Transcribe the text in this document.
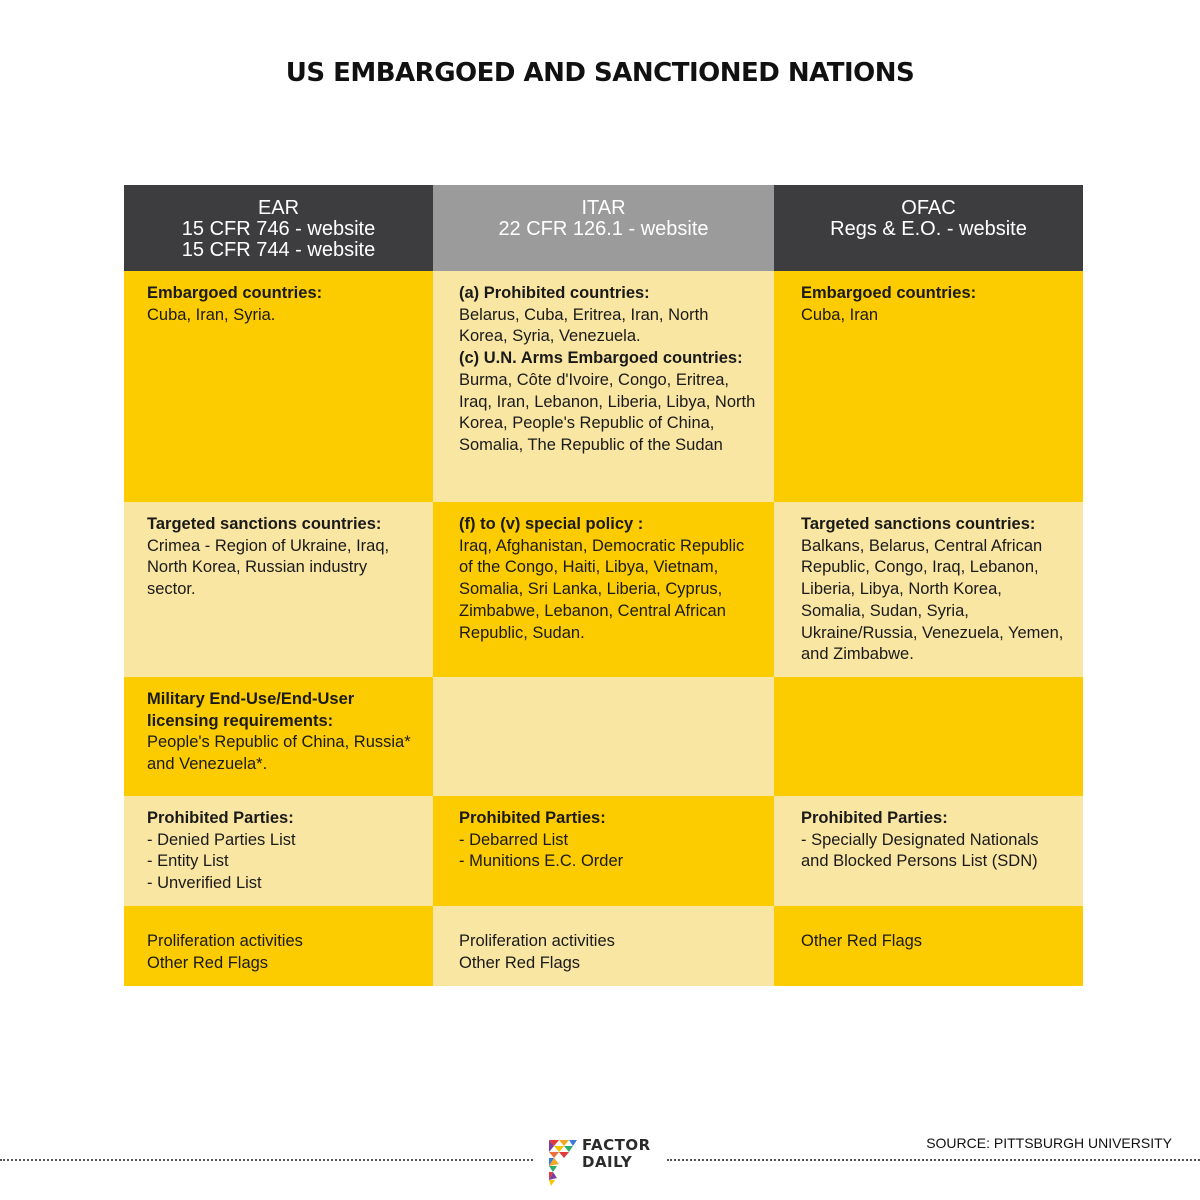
US EMBARGOED AND SANCTIONED NATIONS
EAR
15 CFR 746 - website
15 CFR 744 - website
ITAR
22 CFR 126.1 - website
OFAC
Regs & E.O. - website
Embargoed countries:
Cuba, Iran, Syria.
(a) Prohibited countries:
Belarus, Cuba, Eritrea, Iran, North Korea, Syria, Venezuela.
(c) U.N. Arms Embargoed countries:
Burma, Côte d'Ivoire, Congo, Eritrea, Iraq, Iran, Lebanon, Liberia, Libya, North Korea, People's Republic of China, Somalia, The Republic of the Sudan
Embargoed countries:
Cuba, Iran
Targeted sanctions countries:
Crimea - Region of Ukraine, Iraq, North Korea, Russian industry sector.
(f) to (v) special policy :
Iraq, Afghanistan, Democratic Republic of the Congo, Haiti, Libya, Vietnam, Somalia, Sri Lanka, Liberia, Cyprus, Zimbabwe, Lebanon, Central African Republic, Sudan.
Targeted sanctions countries:
Balkans, Belarus, Central African Republic, Congo, Iraq, Lebanon, Liberia, Libya, North Korea, Somalia, Sudan, Syria, Ukraine/Russia, Venezuela, Yemen, and Zimbabwe.
Military End-Use/End-User licensing requirements:
People's Republic of China, Russia* and Venezuela*.
Prohibited Parties:
- Denied Parties List
- Entity List
- Unverified List
Prohibited Parties:
- Debarred List
- Munitions E.C. Order
Prohibited Parties:
- Specially Designated Nationals and Blocked Persons List (SDN)
Proliferation activities
Other Red Flags
Proliferation activities
Other Red Flags
Other Red Flags
FACTOR
DAILY
SOURCE: PITTSBURGH UNIVERSITY
